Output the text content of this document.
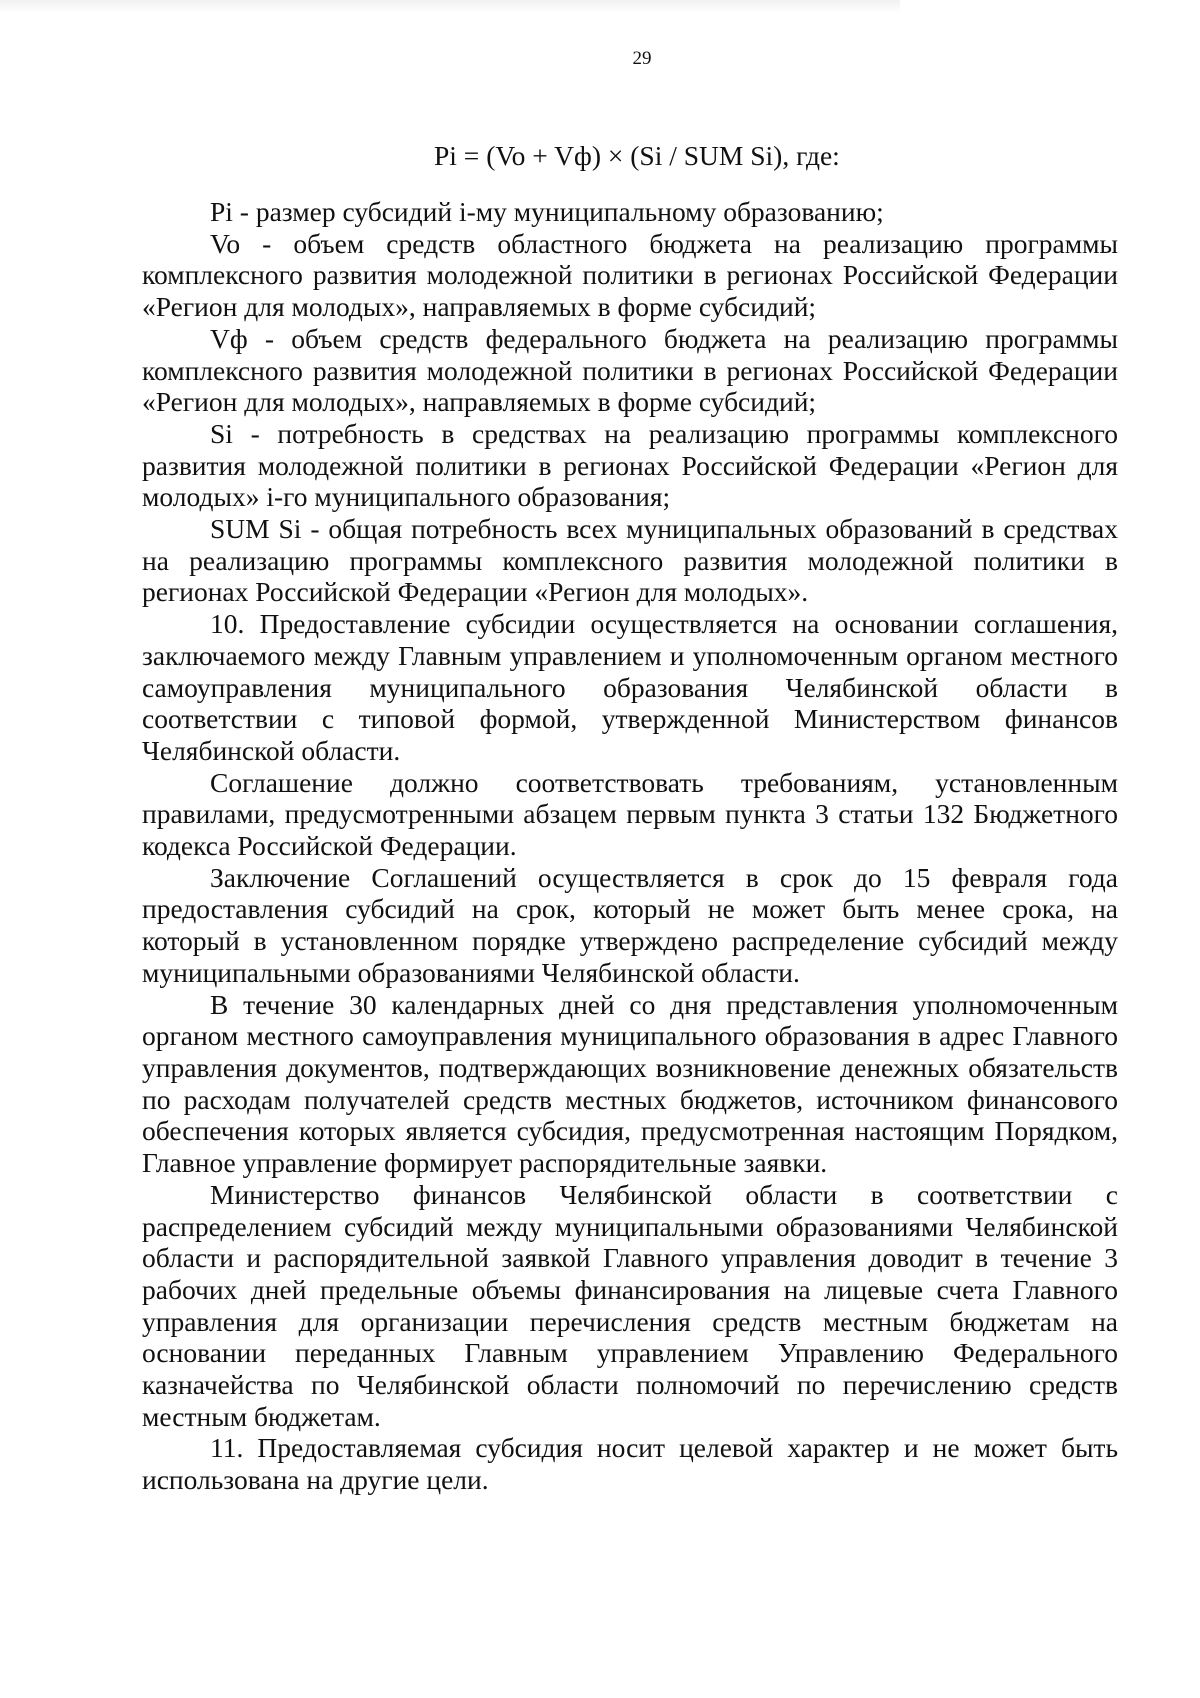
29
Pi = (Vo + Vф) × (Si / SUM Si), где:

Pi - размер субсидий i-му муниципальному образованию;

Vo - объем средств областного бюджета на реализацию программы комплексного развития молодежной политики в регионах Российской Федерации «Регион для молодых», направляемых в форме субсидий;

Vф - объем средств федерального бюджета на реализацию программы комплексного развития молодежной политики в регионах Российской Федерации «Регион для молодых», направляемых в форме субсидий;

Si - потребность в средствах на реализацию программы комплексного развития молодежной политики в регионах Российской Федерации «Регион для молодых» i-го муниципального образования;

SUM Si - общая потребность всех муниципальных образований в средствах на реализацию программы комплексного развития молодежной политики в регионах Российской Федерации «Регион для молодых».

10. Предоставление субсидии осуществляется на основании соглашения, заключаемого между Главным управлением и уполномоченным органом местного самоуправления муниципального образования Челябинской области в соответствии с типовой формой, утвержденной Министерством финансов Челябинской области.

Соглашение должно соответствовать требованиям, установленным правилами, предусмотренными абзацем первым пункта 3 статьи 132 Бюджетного кодекса Российской Федерации.

Заключение Соглашений осуществляется в срок до 15 февраля года предоставления субсидий на срок, который не может быть менее срока, на который в установленном порядке утверждено распределение субсидий между муниципальными образованиями Челябинской области.

В течение 30 календарных дней со дня представления уполномоченным органом местного самоуправления муниципального образования в адрес Главного управления документов, подтверждающих возникновение денежных обязательств по расходам получателей средств местных бюджетов, источником финансового обеспечения которых является субсидия, предусмотренная настоящим Порядком, Главное управление формирует распорядительные заявки.

Министерство финансов Челябинской области в соответствии с распределением субсидий между муниципальными образованиями Челябинской области и распорядительной заявкой Главного управления доводит в течение 3 рабочих дней предельные объемы финансирования на лицевые счета Главного управления для организации перечисления средств местным бюджетам на основании переданных Главным управлением Управлению Федерального казначейства по Челябинской области полномочий по перечислению средств местным бюджетам.

11. Предоставляемая субсидия носит целевой характер и не может быть использована на другие цели.
